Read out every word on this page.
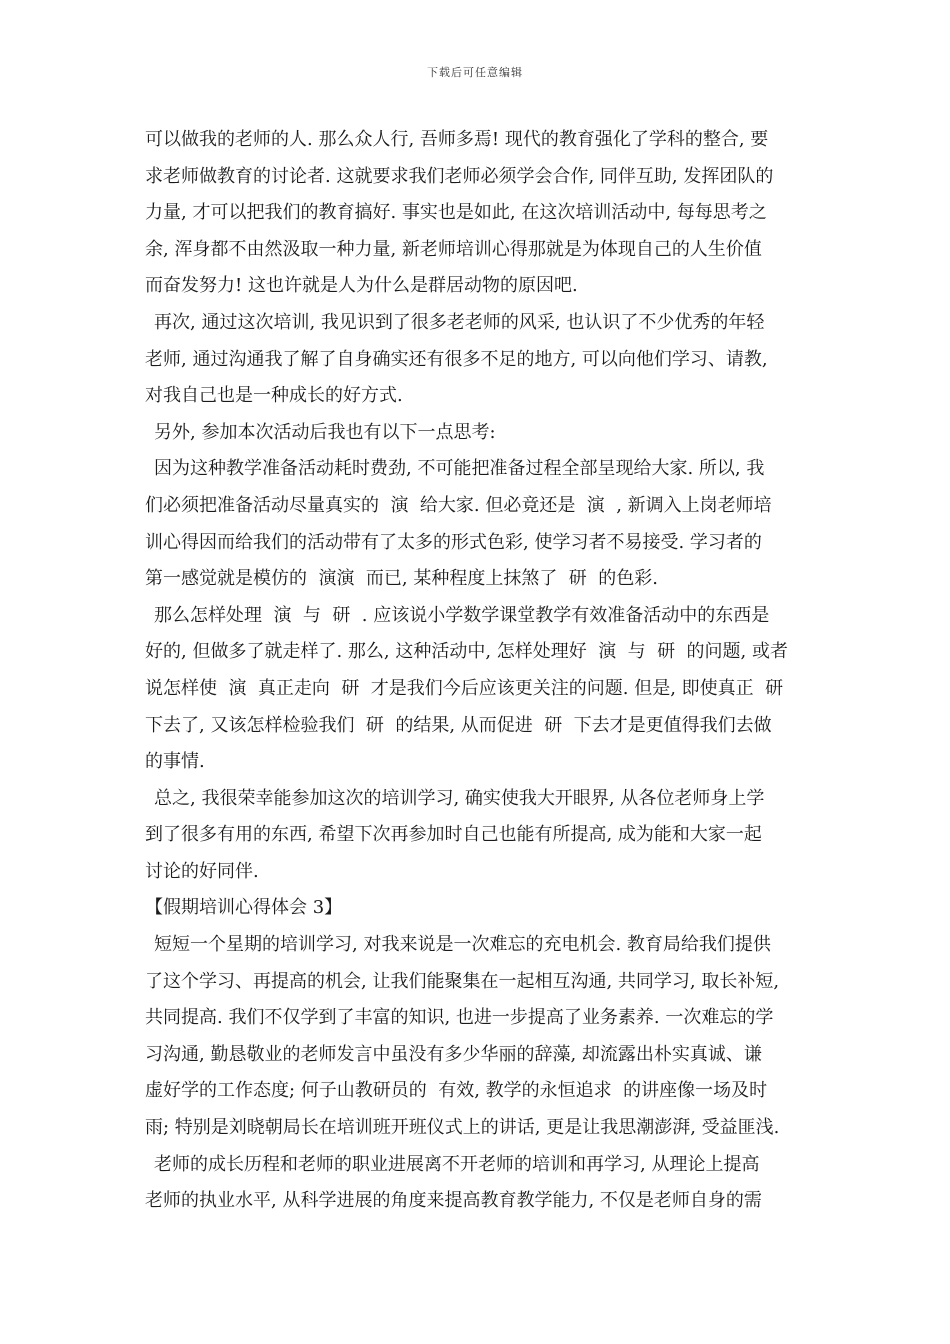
下载后可任意编辑
可以做我的老师的人. 那么众人行, 吾师多焉! 现代的教育强化了学科的整合, 要
求老师做教育的讨论者. 这就要求我们老师必须学会合作, 同伴互助, 发挥团队的
力量, 才可以把我们的教育搞好. 事实也是如此, 在这次培训活动中, 每每思考之
余, 浑身都不由然汲取一种力量, 新老师培训心得那就是为体现自己的人生价值
而奋发努力! 这也许就是人为什么是群居动物的原因吧.
再次, 通过这次培训, 我见识到了很多老老师的风采, 也认识了不少优秀的年轻
老师, 通过沟通我了解了自身确实还有很多不足的地方, 可以向他们学习、请教,
对我自己也是一种成长的好方式.
另外, 参加本次活动后我也有以下一点思考:
因为这种教学准备活动耗时费劲, 不可能把准备过程全部呈现给大家. 所以, 我
们必须把准备活动尽量真实的  演  给大家. 但必竟还是  演  , 新调入上岗老师培
训心得因而给我们的活动带有了太多的形式色彩, 使学习者不易接受. 学习者的
第一感觉就是模仿的  演演  而已, 某种程度上抹煞了  研  的色彩.
那么怎样处理  演  与  研  . 应该说小学数学课堂教学有效准备活动中的东西是
好的, 但做多了就走样了. 那么, 这种活动中, 怎样处理好  演  与  研  的问题, 或者
说怎样使  演  真正走向  研  才是我们今后应该更关注的问题. 但是, 即使真正  研
下去了, 又该怎样检验我们  研  的结果, 从而促进  研  下去才是更值得我们去做
的事情.
总之, 我很荣幸能参加这次的培训学习, 确实使我大开眼界, 从各位老师身上学
到了很多有用的东西, 希望下次再参加时自己也能有所提高, 成为能和大家一起
讨论的好同伴.
【假期培训心得体会 3】
短短一个星期的培训学习, 对我来说是一次难忘的充电机会. 教育局给我们提供
了这个学习、再提高的机会, 让我们能聚集在一起相互沟通, 共同学习, 取长补短,
共同提高. 我们不仅学到了丰富的知识, 也进一步提高了业务素养. 一次难忘的学
习沟通, 勤恳敬业的老师发言中虽没有多少华丽的辞藻, 却流露出朴实真诚、谦
虚好学的工作态度; 何子山教研员的  有效, 教学的永恒追求  的讲座像一场及时
雨; 特别是刘晓朝局长在培训班开班仪式上的讲话, 更是让我思潮澎湃, 受益匪浅.
老师的成长历程和老师的职业进展离不开老师的培训和再学习, 从理论上提高
老师的执业水平, 从科学进展的角度来提高教育教学能力, 不仅是老师自身的需
